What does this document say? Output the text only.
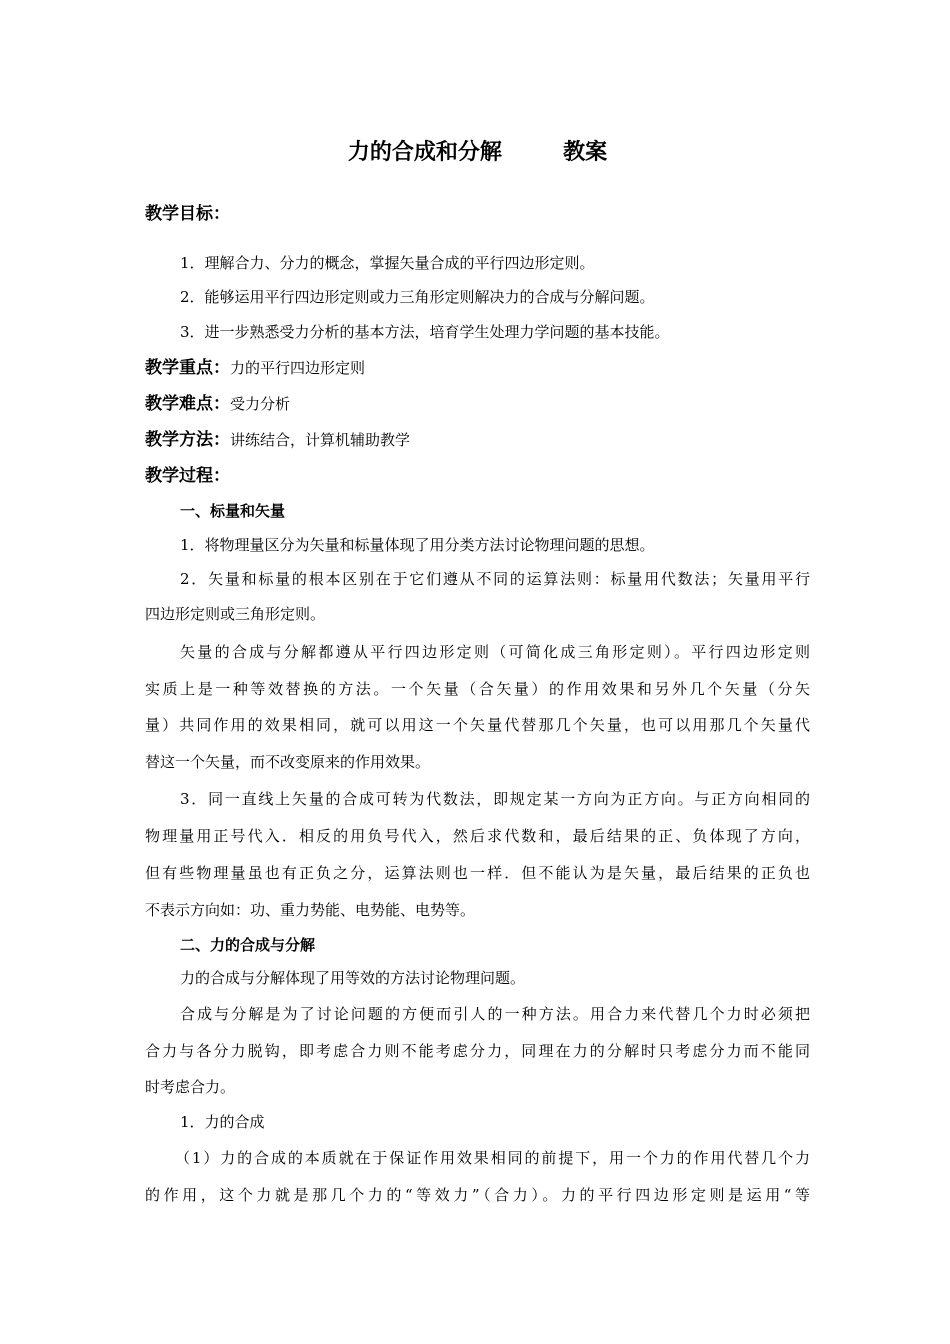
力的合成和分解        教案
教学目标：
1．理解合力、分力的概念，掌握矢量合成的平行四边形定则。
2．能够运用平行四边形定则或力三角形定则解决力的合成与分解问题。
3．进一步熟悉受力分析的基本方法，培育学生处理力学问题的基本技能。
教学重点：力的平行四边形定则
教学难点：受力分析
教学方法：讲练结合，计算机辅助教学
教学过程：
一、标量和矢量
1．将物理量区分为矢量和标量体现了用分类方法讨论物理问题的思想。
2．矢量和标量的根本区别在于它们遵从不同的运算法则：标量用代数法；矢量用平行
四边形定则或三角形定则。
矢量的合成与分解都遵从平行四边形定则（可简化成三角形定则）。平行四边形定则
实质上是一种等效替换的方法。一个矢量（合矢量）的作用效果和另外几个矢量（分矢
量）共同作用的效果相同，就可以用这一个矢量代替那几个矢量，也可以用那几个矢量代
替这一个矢量，而不改变原来的作用效果。
3．同一直线上矢量的合成可转为代数法，即规定某一方向为正方向。与正方向相同的
物理量用正号代入．相反的用负号代入，然后求代数和，最后结果的正、负体现了方向，
但有些物理量虽也有正负之分，运算法则也一样．但不能认为是矢量，最后结果的正负也
不表示方向如：功、重力势能、电势能、电势等。
二、力的合成与分解
力的合成与分解体现了用等效的方法讨论物理问题。
合成与分解是为了讨论问题的方便而引人的一种方法。用合力来代替几个力时必须把
合力与各分力脱钩，即考虑合力则不能考虑分力，同理在力的分解时只考虑分力而不能同
时考虑合力。
1．力的合成
（1）力的合成的本质就在于保证作用效果相同的前提下，用一个力的作用代替几个力
的作用，这个力就是那几个力的“等效力”（合力）。力的平行四边形定则是运用“等
